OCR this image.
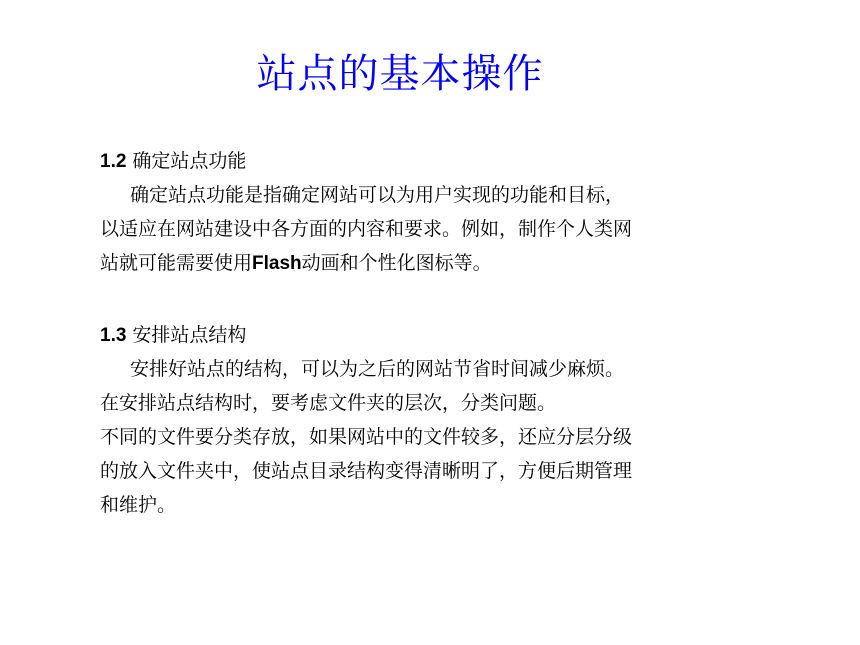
站点的基本操作

1.2 确定站点功能

确定站点功能是指确定网站可以为用户实现的功能和目标，
以适应在网站建设中各方面的内容和要求。例如，制作个人类网
站就可能需要使用Flash动画和个性化图标等。

1.3 安排站点结构

安排好站点的结构，可以为之后的网站节省时间减少麻烦。
在安排站点结构时，要考虑文件夹的层次，分类问题。
不同的文件要分类存放，如果网站中的文件较多，还应分层分级
的放入文件夹中，使站点目录结构变得清晰明了，方便后期管理
和维护。
